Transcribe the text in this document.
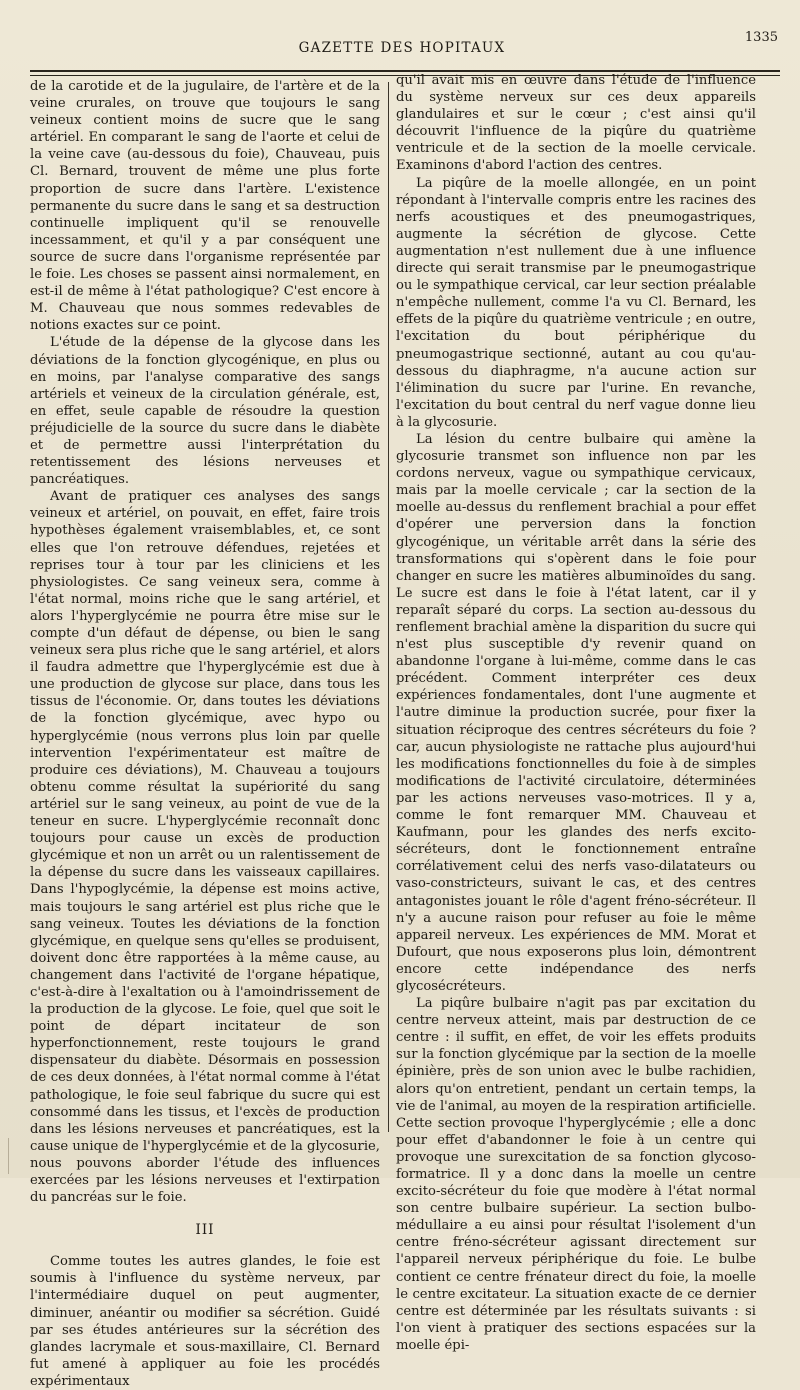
GAZETTE DES HOPITAUX
1335

de la carotide et de la jugulaire, de l'artère et de la veine crurales, on trouve que toujours le sang veineux contient moins de sucre que le sang artériel. En comparant le sang de l'aorte et celui de la veine cave (au-dessous du foie), Chauveau, puis Cl. Bernard, trouvent de même une plus forte proportion de sucre dans l'artère. L'existence permanente du sucre dans le sang et sa destruction continuelle impliquent qu'il se renouvelle incessamment, et qu'il y a par conséquent une source de sucre dans l'organisme représentée par le foie. Les choses se passent ainsi normalement, en est-il de même à l'état pathologique? C'est encore à M. Chauveau que nous sommes redevables de notions exactes sur ce point.

L'étude de la dépense de la glycose dans les déviations de la fonction glycogénique, en plus ou en moins, par l'analyse comparative des sangs artériels et veineux de la circulation générale, est, en effet, seule capable de résoudre la question préjudicielle de la source du sucre dans le diabète et de permettre aussi l'interprétation du retentissement des lésions nerveuses et pancréatiques.

Avant de pratiquer ces analyses des sangs veineux et artériel, on pouvait, en effet, faire trois hypothèses également vraisemblables, et, ce sont elles que l'on retrouve défendues, rejetées et reprises tour à tour par les cliniciens et les physiologistes. Ce sang veineux sera, comme à l'état normal, moins riche que le sang artériel, et alors l'hyperglycémie ne pourra être mise sur le compte d'un défaut de dépense, ou bien le sang veineux sera plus riche que le sang artériel, et alors il faudra admettre que l'hyperglycémie est due à une production de glycose sur place, dans tous les tissus de l'économie. Or, dans toutes les déviations de la fonction glycémique, avec hypo ou hyperglycémie (nous verrons plus loin par quelle intervention l'expérimentateur est maître de produire ces déviations), M. Chauveau a toujours obtenu comme résultat la supériorité du sang artériel sur le sang veineux, au point de vue de la teneur en sucre. L'hyperglycémie reconnaît donc toujours pour cause un excès de production glycémique et non un arrêt ou un ralentissement de la dépense du sucre dans les vaisseaux capillaires. Dans l'hypoglycémie, la dépense est moins active, mais toujours le sang artériel est plus riche que le sang veineux. Toutes les déviations de la fonction glycémique, en quelque sens qu'elles se produisent, doivent donc être rapportées à la même cause, au changement dans l'activité de l'organe hépatique, c'est-à-dire à l'exaltation ou à l'amoindrissement de la production de la glycose. Le foie, quel que soit le point de départ incitateur de son hyperfonctionnement, reste toujours le grand dispensateur du diabète. Désormais en possession de ces deux données, à l'état normal comme à l'état pathologique, le foie seul fabrique du sucre qui est consommé dans les tissus, et l'excès de production dans les lésions nerveuses et pancréatiques, est la cause unique de l'hyperglycémie et de la glycosurie, nous pouvons aborder l'étude des influences exercées par les lésions nerveuses et l'extirpation du pancréas sur le foie.

III

Comme toutes les autres glandes, le foie est soumis à l'influence du système nerveux, par l'intermédiaire duquel on peut augmenter, diminuer, anéantir ou modifier sa sécrétion. Guidé par ses études antérieures sur la sécrétion des glandes lacrymale et sous-maxillaire, Cl. Bernard fut amené à appliquer au foie les procédés expérimentaux

qu'il avait mis en œuvre dans l'étude de l'influence du système nerveux sur ces deux appareils glandulaires et sur le cœur ; c'est ainsi qu'il découvrit l'influence de la piqûre du quatrième ventricule et de la section de la moelle cervicale. Examinons d'abord l'action des centres.

La piqûre de la moelle allongée, en un point répondant à l'intervalle compris entre les racines des nerfs acoustiques et des pneumogastriques, augmente la sécrétion de glycose. Cette augmentation n'est nullement due à une influence directe qui serait transmise par le pneumogastrique ou le sympathique cervical, car leur section préalable n'empêche nullement, comme l'a vu Cl. Bernard, les effets de la piqûre du quatrième ventricule ; en outre, l'excitation du bout périphérique du pneumogastrique sectionné, autant au cou qu'au-dessous du diaphragme, n'a aucune action sur l'élimination du sucre par l'urine. En revanche, l'excitation du bout central du nerf vague donne lieu à la glycosurie.

La lésion du centre bulbaire qui amène la glycosurie transmet son influence non par les cordons nerveux, vague ou sympathique cervicaux, mais par la moelle cervicale ; car la section de la moelle au-dessus du renflement brachial a pour effet d'opérer une perversion dans la fonction glycogénique, un véritable arrêt dans la série des transformations qui s'opèrent dans le foie pour changer en sucre les matières albuminoïdes du sang. Le sucre est dans le foie à l'état latent, car il y reparaît séparé du corps. La section au-dessous du renflement brachial amène la disparition du sucre qui n'est plus susceptible d'y revenir quand on abandonne l'organe à lui-même, comme dans le cas précédent. Comment interpréter ces deux expériences fondamentales, dont l'une augmente et l'autre diminue la production sucrée, pour fixer la situation réciproque des centres sécréteurs du foie ? car, aucun physiologiste ne rattache plus aujourd'hui les modifications fonctionnelles du foie à de simples modifications de l'activité circulatoire, déterminées par les actions nerveuses vaso-motrices. Il y a, comme le font remarquer MM. Chauveau et Kaufmann, pour les glandes des nerfs excito-sécréteurs, dont le fonctionnement entraîne corrélativement celui des nerfs vaso-dilatateurs ou vaso-constricteurs, suivant le cas, et des centres antagonistes jouant le rôle d'agent fréno-sécréteur. Il n'y a aucune raison pour refuser au foie le même appareil nerveux. Les expériences de MM. Morat et Dufourt, que nous exposerons plus loin, démontrent encore cette indépendance des nerfs glycosécréteurs.

La piqûre bulbaire n'agit pas par excitation du centre nerveux atteint, mais par destruction de ce centre : il suffit, en effet, de voir les effets produits sur la fonction glycémique par la section de la moelle épinière, près de son union avec le bulbe rachidien, alors qu'on entretient, pendant un certain temps, la vie de l'animal, au moyen de la respiration artificielle. Cette section provoque l'hyperglycémie ; elle a donc pour effet d'abandonner le foie à un centre qui provoque une surexcitation de sa fonction glycoso-formatrice. Il y a donc dans la moelle un centre excito-sécréteur du foie que modère à l'état normal son centre bulbaire supérieur. La section bulbo-médullaire a eu ainsi pour résultat l'isolement d'un centre fréno-sécréteur agissant directement sur l'appareil nerveux périphérique du foie. Le bulbe contient ce centre frénateur direct du foie, la moelle le centre excitateur. La situation exacte de ce dernier centre est déterminée par les résultats suivants : si l'on vient à pratiquer des sections espacées sur la moelle épi-
